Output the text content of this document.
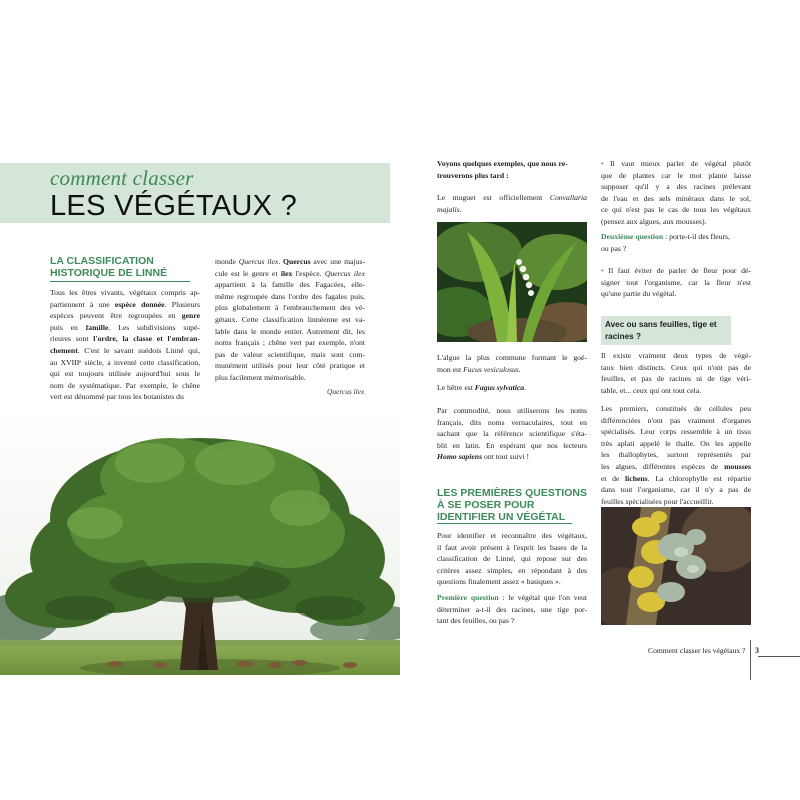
comment classer
LES VÉGÉTAUX ?
LA CLASSIFICATION
HISTORIQUE DE LINNÉ
Tous les êtres vivants, végétaux compris ap-
partiennent à une espèce donnée. Plusieurs
espèces peuvent être regroupées en genre
puis en famille. Les subdivisions supé-
rieures sont l'ordre, la classe et l'embran-
chement. C'est le savant suédois Linné qui,
au XVIIIᵉ siècle, a inventé cette classification,
qui est toujours utilisée aujourd'hui sous le
nom de systématique. Par exemple, le chêne
vert est dénommé par tous les botanistes du
monde Quercus ilex. Quercus avec une majus-
cule est le genre et ilex l'espèce. Quercus ilex
appartient à la famille des Fagacées, elle-
même regroupée dans l'ordre des fagales puis,
plus globalement à l'embranchement des vé-
gétaux. Cette classification linnéenne est va-
lable dans le monde entier. Autrement dit, les
noms français ; chêne vert par exemple, n'ont
pas de valeur scientifique, mais sont com-
munément utilisés pour leur côté pratique et
plus facilement mémorisable.
Quercus ilex
Voyons quelques exemples, que nous re-
trouverons plus tard :
Le muguet est officiellement Convallaria
majalis.
L'algue la plus commune formant le goë-
mon est Fucus vesiculosus.
Le hêtre est Fagus sylvatica.
Par commodité, nous utiliserons les noms
français, dits noms vernaculaires, tout en
sachant que la référence scientifique s'éta-
blit en latin. En espérant que nos lecteurs
Homo sapiens ont tout suivi !
LES PREMIÈRES QUESTIONS
À SE POSER POUR
IDENTIFIER UN VÉGÉTAL
Pour identifier et reconnaître des végétaux,
il faut avoir présent à l'esprit les bases de la
classification de Linné, qui repose sur des
critères assez simples, en répondant à des
questions finalement assez « basiques ».
Première question : le végétal que l'on veut
déterminer a-t-il des racines, une tige por-
tant des feuilles, ou pas ?
• Il vaut mieux parler de végétal plutôt
que de plantes car le mot plante laisse
supposer qu'il y a des racines prélevant
de l'eau et des sels minéraux dans le sol,
ce qui n'est pas le cas de tous les végétaux
(pensez aux algues, aux mousses).
Deuxième question : porte-t-il des fleurs,
ou pas ?
• Il faut éviter de parler de fleur pour dé-
signer tout l'organisme, car la fleur n'est
qu'une partie du végétal.
Avec ou sans feuilles, tige et racines ?
Il existe vraiment deux types de végé-
taux bien distincts. Ceux qui n'ont pas de
feuilles, et pas de racines ni de tige véri-
table, et... ceux qui ont tout cela.
Les premiers, constitués de cellules peu
différenciées n'ont pas vraiment d'organes
spécialisés. Leur corps ressemble à un tissu
très aplati appelé le thalle. On les appelle
les thallophytes, surtout représentés par
les algues, différentes espèces de mousses
et de lichens. La chlorophylle est répartie
dans tout l'organisme, car il n'y a pas de
feuilles spécialisées pour l'accueillir.
Comment classer les végétaux ? 3
